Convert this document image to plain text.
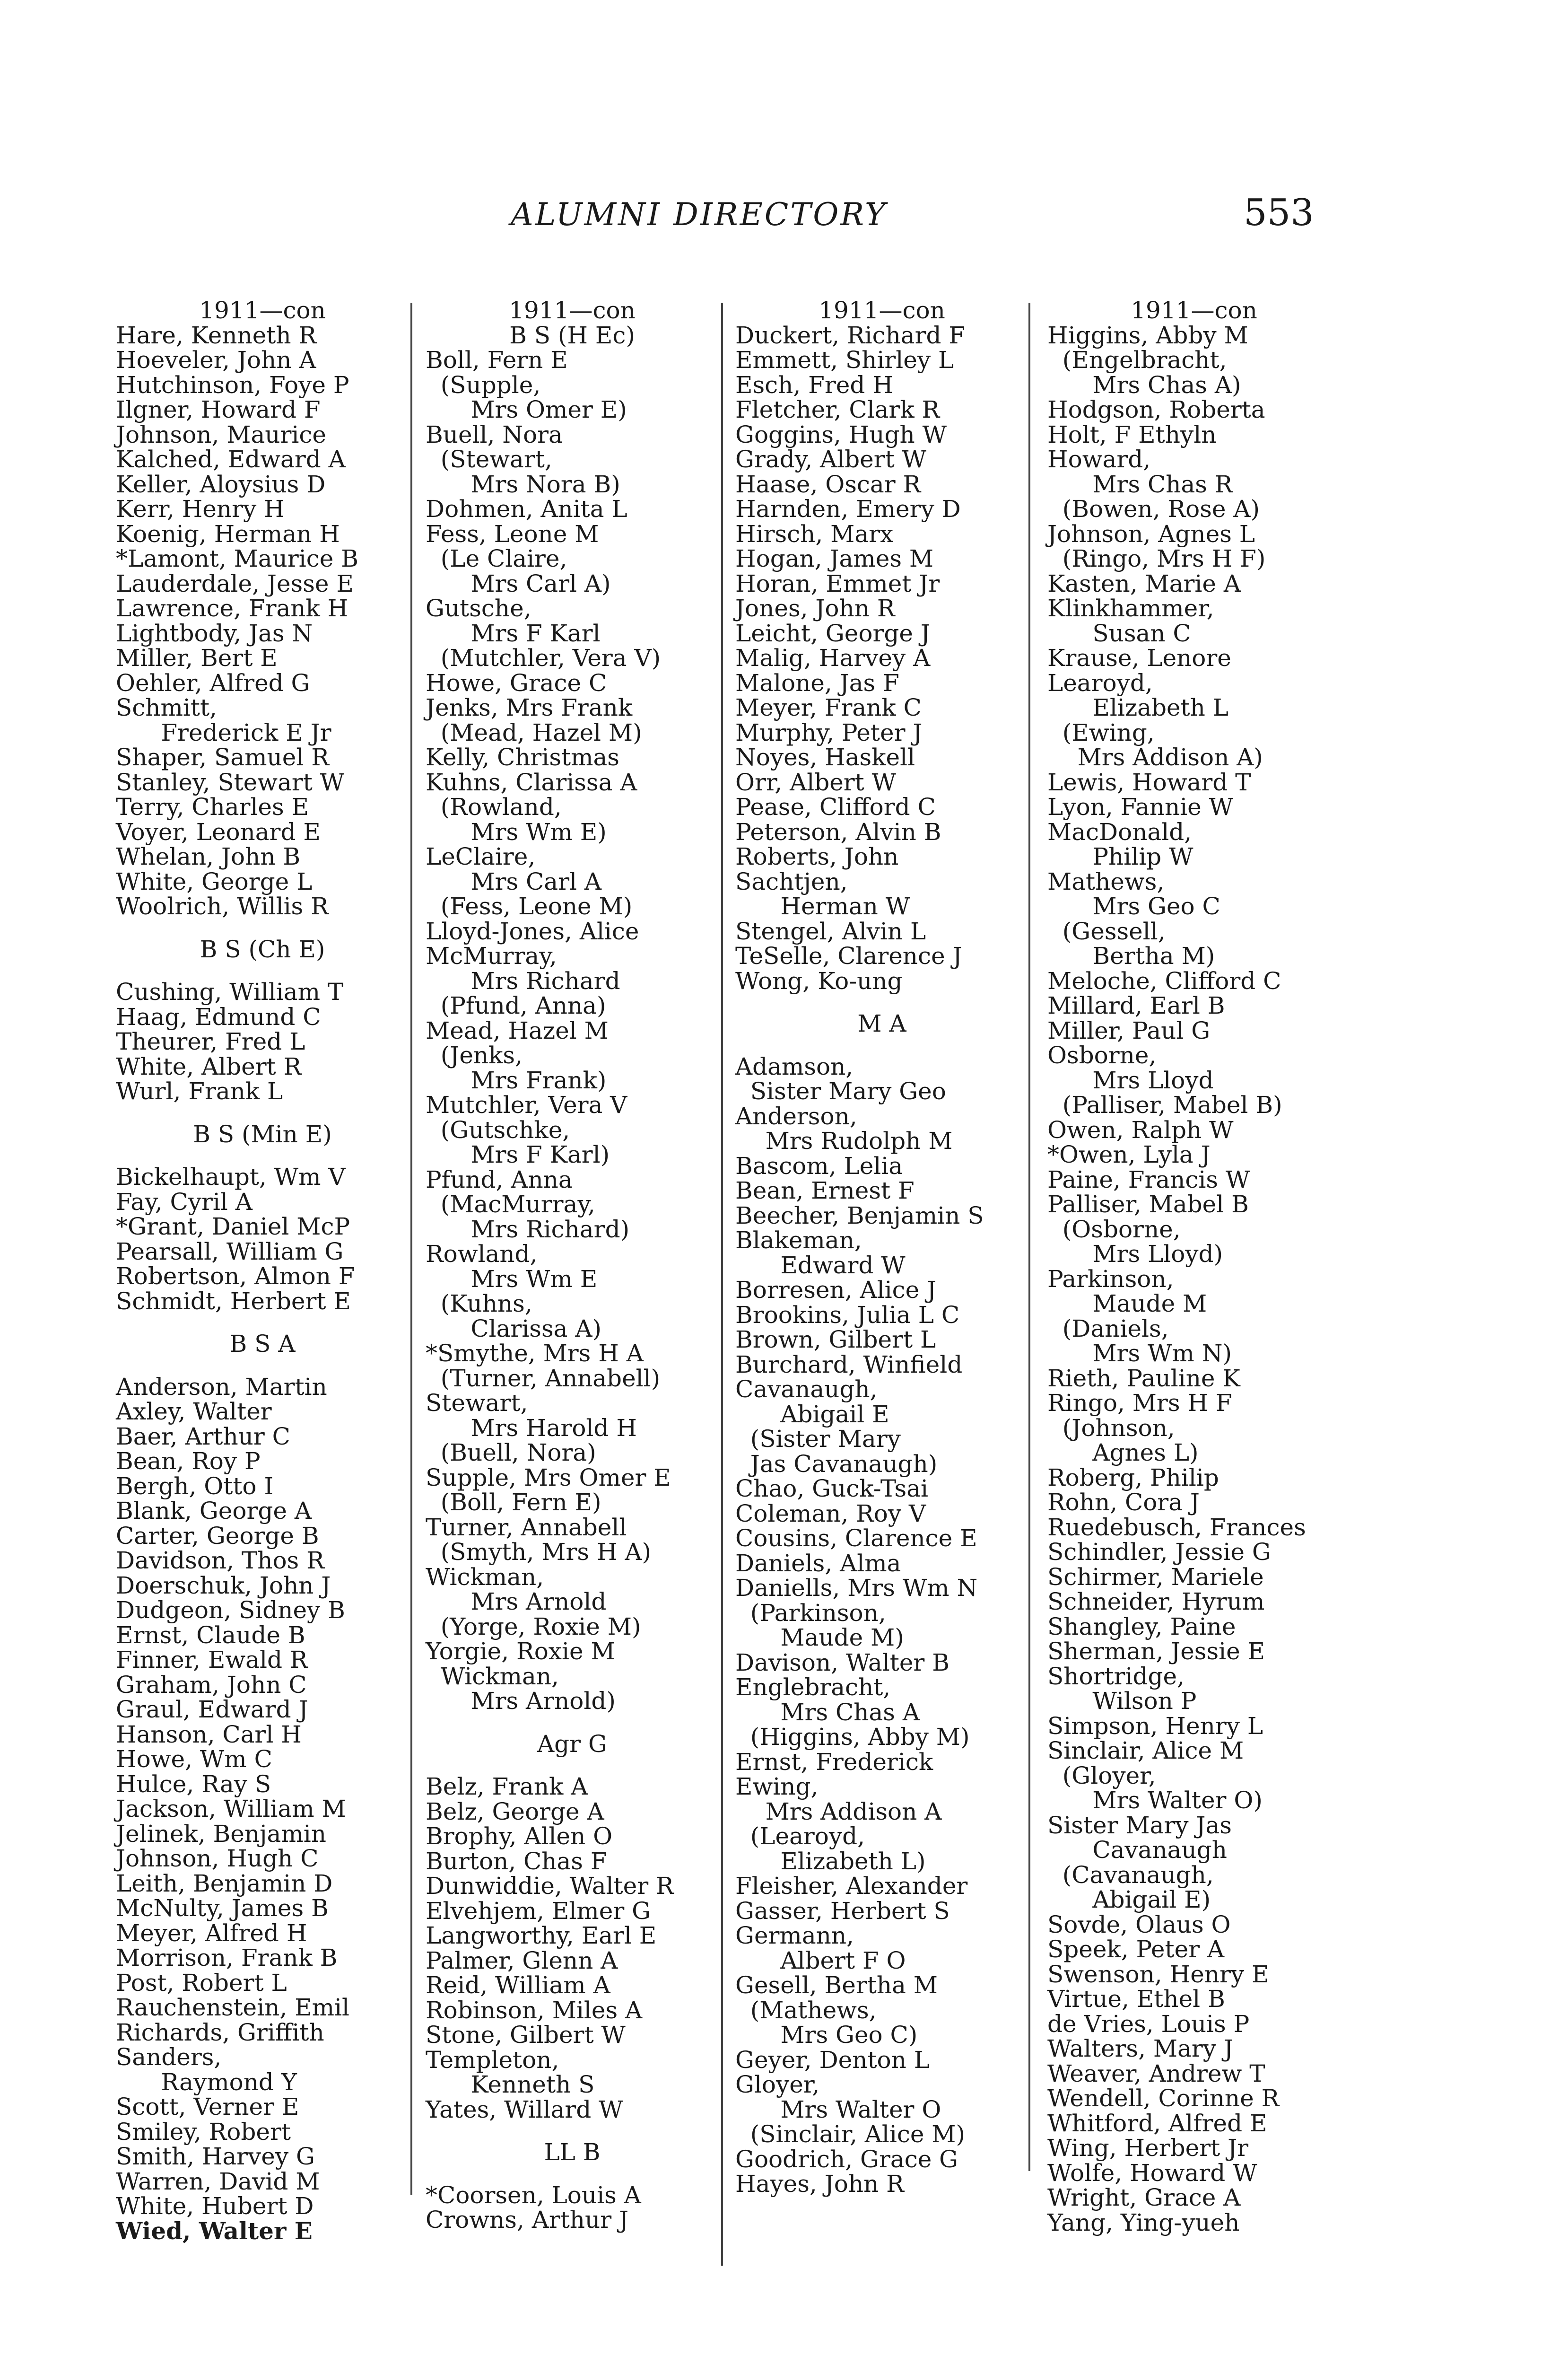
ALUMNI DIRECTORY	553
1911—con
Hare, Kenneth R
Hoeveler, John A
Hutchinson, Foye P
Ilgner, Howard F
Johnson, Maurice
Kalched, Edward A
Keller, Aloysius D
Kerr, Henry H
Koenig, Herman H
*Lamont, Maurice B
Lauderdale, Jesse E
Lawrence, Frank H
Lightbody, Jas N
Miller, Bert E
Oehler, Alfred G
Schmitt,
Frederick E Jr
Shaper, Samuel R
Stanley, Stewart W
Terry, Charles E
Voyer, Leonard E
Whelan, John B
White, George L
Woolrich, Willis R
B S (Ch E)
Cushing, William T
Haag, Edmund C
Theurer, Fred L
White, Albert R
Wurl, Frank L
B S (Min E)
Bickelhaupt, Wm V
Fay, Cyril A
*Grant, Daniel McP
Pearsall, William G
Robertson, Almon F
Schmidt, Herbert E
B S A
Anderson, Martin
Axley, Walter
Baer, Arthur C
Bean, Roy P
Bergh, Otto I
Blank, George A
Carter, George B
Davidson, Thos R
Doerschuk, John J
Dudgeon, Sidney B
Ernst, Claude B
Finner, Ewald R
Graham, John C
Graul, Edward J
Hanson, Carl H
Howe, Wm C
Hulce, Ray S
Jackson, William M
Jelinek, Benjamin
Johnson, Hugh C
Leith, Benjamin D
McNulty, James B
Meyer, Alfred H
Morrison, Frank B
Post, Robert L
Rauchenstein, Emil
Richards, Griffith
Sanders,
Raymond Y
Scott, Verner E
Smiley, Robert
Smith, Harvey G
Warren, David M
White, Hubert D
Wied, Walter E
1911—con
B S (H Ec)
Boll, Fern E
(Supple,
Mrs Omer E)
Buell, Nora
(Stewart,
Mrs Nora B)
Dohmen, Anita L
Fess, Leone M
(Le Claire,
Mrs Carl A)
Gutsche,
Mrs F Karl
(Mutchler, Vera V)
Howe, Grace C
Jenks, Mrs Frank
(Mead, Hazel M)
Kelly, Christmas
Kuhns, Clarissa A
(Rowland,
Mrs Wm E)
LeClaire,
Mrs Carl A
(Fess, Leone M)
Lloyd-Jones, Alice
McMurray,
Mrs Richard
(Pfund, Anna)
Mead, Hazel M
(Jenks,
Mrs Frank)
Mutchler, Vera V
(Gutschke,
Mrs F Karl)
Pfund, Anna
(MacMurray,
Mrs Richard)
Rowland,
Mrs Wm E
(Kuhns,
Clarissa A)
*Smythe, Mrs H A
(Turner, Annabell)
Stewart,
Mrs Harold H
(Buell, Nora)
Supple, Mrs Omer E
(Boll, Fern E)
Turner, Annabell
(Smyth, Mrs H A)
Wickman,
Mrs Arnold
(Yorge, Roxie M)
Yorgie, Roxie M
Wickman,
Mrs Arnold)
Agr G
Belz, Frank A
Belz, George A
Brophy, Allen O
Burton, Chas F
Dunwiddie, Walter R
Elvehjem, Elmer G
Langworthy, Earl E
Palmer, Glenn A
Reid, William A
Robinson, Miles A
Stone, Gilbert W
Templeton,
Kenneth S
Yates, Willard W
LL B
*Coorsen, Louis A
Crowns, Arthur J
1911—con
Duckert, Richard F
Emmett, Shirley L
Esch, Fred H
Fletcher, Clark R
Goggins, Hugh W
Grady, Albert W
Haase, Oscar R
Harnden, Emery D
Hirsch, Marx
Hogan, James M
Horan, Emmet Jr
Jones, John R
Leicht, George J
Malig, Harvey A
Malone, Jas F
Meyer, Frank C
Murphy, Peter J
Noyes, Haskell
Orr, Albert W
Pease, Clifford C
Peterson, Alvin B
Roberts, John
Sachtjen,
Herman W
Stengel, Alvin L
TeSelle, Clarence J
Wong, Ko-ung
M A
Adamson,
Sister Mary Geo
Anderson,
Mrs Rudolph M
Bascom, Lelia
Bean, Ernest F
Beecher, Benjamin S
Blakeman,
Edward W
Borresen, Alice J
Brookins, Julia L C
Brown, Gilbert L
Burchard, Winfield
Cavanaugh,
Abigail E
(Sister Mary
Jas Cavanaugh)
Chao, Guck-Tsai
Coleman, Roy V
Cousins, Clarence E
Daniels, Alma
Daniells, Mrs Wm N
(Parkinson,
Maude M)
Davison, Walter B
Englebracht,
Mrs Chas A
(Higgins, Abby M)
Ernst, Frederick
Ewing,
Mrs Addison A
(Learoyd,
Elizabeth L)
Fleisher, Alexander
Gasser, Herbert S
Germann,
Albert F O
Gesell, Bertha M
(Mathews,
Mrs Geo C)
Geyer, Denton L
Gloyer,
Mrs Walter O
(Sinclair, Alice M)
Goodrich, Grace G
Hayes, John R
1911—con
Higgins, Abby M
(Engelbracht,
Mrs Chas A)
Hodgson, Roberta
Holt, F Ethyln
Howard,
Mrs Chas R
(Bowen, Rose A)
Johnson, Agnes L
(Ringo, Mrs H F)
Kasten, Marie A
Klinkhammer,
Susan C
Krause, Lenore
Learoyd,
Elizabeth L
(Ewing,
Mrs Addison A)
Lewis, Howard T
Lyon, Fannie W
MacDonald,
Philip W
Mathews,
Mrs Geo C
(Gessell,
Bertha M)
Meloche, Clifford C
Millard, Earl B
Miller, Paul G
Osborne,
Mrs Lloyd
(Palliser, Mabel B)
Owen, Ralph W
*Owen, Lyla J
Paine, Francis W
Palliser, Mabel B
(Osborne,
Mrs Lloyd)
Parkinson,
Maude M
(Daniels,
Mrs Wm N)
Rieth, Pauline K
Ringo, Mrs H F
(Johnson,
Agnes L)
Roberg, Philip
Rohn, Cora J
Ruedebusch, Frances
Schindler, Jessie G
Schirmer, Mariele
Schneider, Hyrum
Shangley, Paine
Sherman, Jessie E
Shortridge,
Wilson P
Simpson, Henry L
Sinclair, Alice M
(Gloyer,
Mrs Walter O)
Sister Mary Jas
Cavanaugh
(Cavanaugh,
Abigail E)
Sovde, Olaus O
Speek, Peter A
Swenson, Henry E
Virtue, Ethel B
de Vries, Louis P
Walters, Mary J
Weaver, Andrew T
Wendell, Corinne R
Whitford, Alfred E
Wing, Herbert Jr
Wolfe, Howard W
Wright, Grace A
Yang, Ying-yueh
